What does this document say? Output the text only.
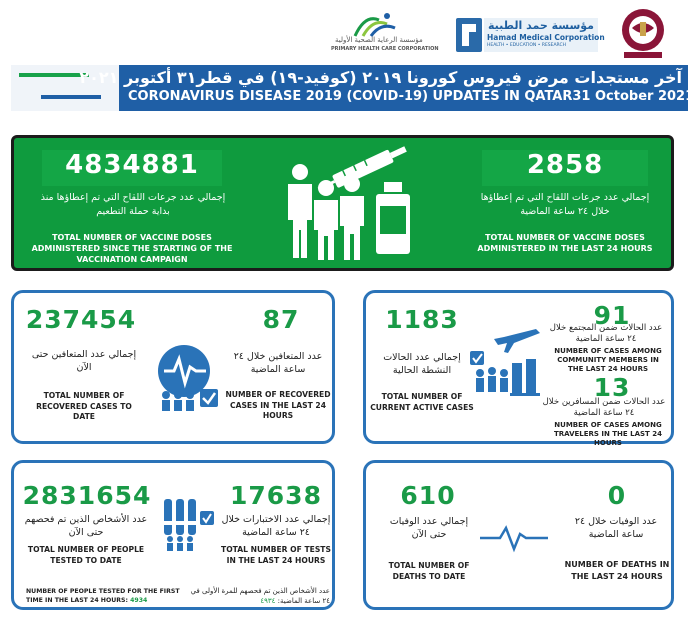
مؤسسة حمد الطبية
Hamad Medical Corporation
HEALTH • EDUCATION • RESEARCH
مؤسسة الرعاية الصحية الأولية
PRIMARY HEALTH CARE CORPORATION
آخر مستجدات مرض فيروس كورونا ٢٠١٩ (كوفيد-١٩) في قطر٣١ أكتوبر ٢٠٢١
CORONAVIRUS DISEASE 2019 (COVID-19) UPDATES IN QATAR31 October 2021
4834881
إجمالي عدد جرعات اللقاح التي تم إعطاؤها منذ بداية حملة التطعيم
TOTAL NUMBER OF VACCINE DOSES ADMINISTERED SINCE THE STARTING OF THE VACCINATION CAMPAIGN
2858
إجمالي عدد جرعات اللقاح التي تم إعطاؤها خلال ٢٤ ساعة الماضية
TOTAL NUMBER OF VACCINE DOSES ADMINISTERED IN THE LAST 24 HOURS
237454
إجمالي عدد المتعافين حتى الآن
TOTAL NUMBER OF RECOVERED CASES TO DATE
87
عدد المتعافين خلال ٢٤ ساعة الماضية
NUMBER OF RECOVERED CASES IN THE LAST 24 HOURS
1183
إجمالي عدد الحالات النشطة الحالية
TOTAL NUMBER OF CURRENT ACTIVE CASES
91
عدد الحالات ضمن المجتمع خلال ٢٤ ساعة الماضية
NUMBER OF CASES AMONG COMMUNITY MEMBERS IN THE LAST 24 HOURS
13
عدد الحالات ضمن المسافرين خلال ٢٤ ساعة الماضية
NUMBER OF CASES AMONG TRAVELERS IN THE LAST 24 HOURS
2831654
عدد الأشخاص الذين تم فحصهم حتى الآن
TOTAL NUMBER OF PEOPLE TESTED TO DATE
17638
إجمالي عدد الاختبارات خلال ٢٤ ساعة الماضية
TOTAL NUMBER OF TESTS IN THE LAST 24 HOURS
NUMBER OF PEOPLE TESTED FOR THE FIRST
TIME IN THE LAST 24 HOURS: 4934
عدد الأشخاص الذين تم فحصهم للمرة الأولى في ٢٤ ساعة الماضية: ٤٩٣٤
610
إجمالي عدد الوفيات حتى الآن
TOTAL NUMBER OF DEATHS TO DATE
0
عدد الوفيات خلال ٢٤ ساعة الماضية
NUMBER OF DEATHS IN THE LAST 24 HOURS
